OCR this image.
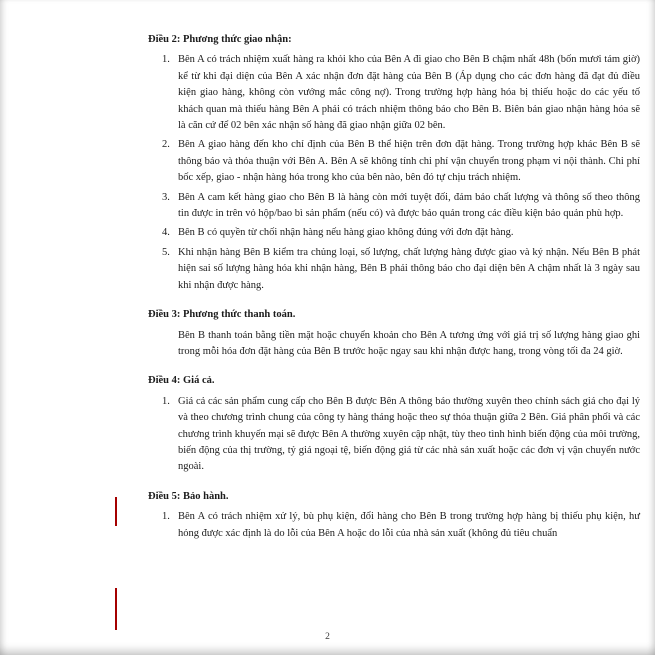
Điều 2: Phương thức giao nhận:
1. Bên A có trách nhiệm xuất hàng ra khỏi kho của Bên A đi giao cho Bên B chậm nhất 48h (bốn mươi tám giờ) kể từ khi đại diện của Bên A xác nhận đơn đặt hàng của Bên B (Áp dụng cho các đơn hàng đã đạt đủ điều kiện giao hàng, không còn vướng mắc công nợ). Trong trường hợp hàng hóa bị thiếu hoặc do các yếu tố khách quan mà thiếu hàng Bên A phải có trách nhiệm thông báo cho Bên B. Biên bản giao nhận hàng hóa sẽ là căn cứ để 02 bên xác nhận số hàng đã giao nhận giữa 02 bên.
2. Bên A giao hàng đến kho chỉ định của Bên B thể hiện trên đơn đặt hàng. Trong trường hợp khác Bên B sẽ thông báo và thỏa thuận với Bên A. Bên A sẽ không tính chi phí vận chuyển trong phạm vi nội thành. Chi phí bốc xếp, giao - nhận hàng hóa trong kho của bên nào, bên đó tự chịu trách nhiệm.
3. Bên A cam kết hàng giao cho Bên B là hàng còn mới tuyệt đối, đảm bảo chất lượng và thông số theo thông tin được in trên vỏ hộp/bao bì sản phẩm (nếu có) và được bảo quản trong các điều kiện bảo quản phù hợp.
4. Bên B có quyền từ chối nhận hàng nếu hàng giao không đúng với đơn đặt hàng.
5. Khi nhận hàng Bên B kiểm tra chủng loại, số lượng, chất lượng hàng được giao và ký nhận. Nếu Bên B phát hiện sai số lượng hàng hóa khi nhận hàng, Bên B phải thông báo cho đại diện bên A chậm nhất là 3 ngày sau khi nhận được hàng.
Điều 3: Phương thức thanh toán.
Bên B thanh toán bằng tiền mặt hoặc chuyển khoản cho Bên A tương ứng với giá trị số lượng hàng giao ghi trong mỗi hóa đơn đặt hàng của Bên B trước hoặc ngay sau khi nhận được hang, trong vòng tối đa 24 giờ.
Điều 4: Giá cả.
1. Giá cả các sản phẩm cung cấp cho Bên B được Bên A thông báo thường xuyên theo chính sách giá cho đại lý và theo chương trình chung của công ty hàng tháng hoặc theo sự thỏa thuận giữa 2 Bên. Giá phân phối và các chương trình khuyến mại sẽ được Bên A thường xuyên cập nhật, tùy theo tình hình biến động của môi trường, biến động của thị trường, tỷ giá ngoại tệ, biến động giá từ các nhà sản xuất hoặc các đơn vị vận chuyển nước ngoài.
Điều 5: Bảo hành.
1. Bên A có trách nhiệm xử lý, bù phụ kiện, đổi hàng cho Bên B trong trường hợp hàng bị thiếu phụ kiện, hư hỏng được xác định là do lỗi của Bên A hoặc do lỗi của nhà sản xuất (không đủ tiêu chuẩn
2
